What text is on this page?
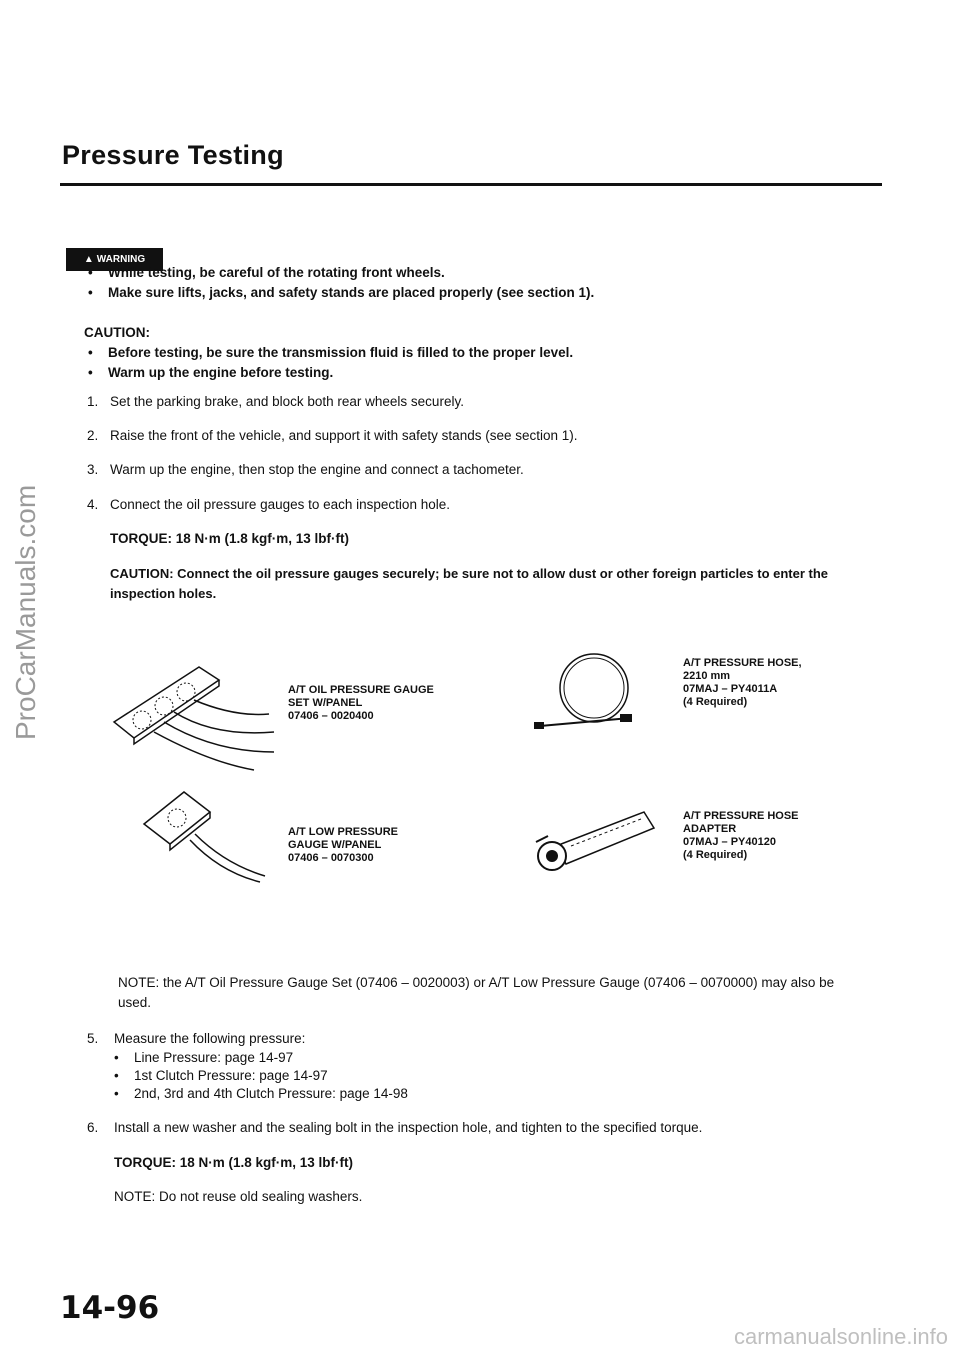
Pressure Testing
▲ WARNING
• While testing, be careful of the rotating front wheels.
• Make sure lifts, jacks, and safety stands are placed properly (see section 1).
CAUTION:
• Before testing, be sure the transmission fluid is filled to the proper level.
• Warm up the engine before testing.
1. Set the parking brake, and block both rear wheels securely.
2. Raise the front of the vehicle, and support it with safety stands (see section 1).
3. Warm up the engine, then stop the engine and connect a tachometer.
4. Connect the oil pressure gauges to each inspection hole.
TORQUE: 18 N·m (1.8 kgf·m, 13 lbf·ft)
CAUTION: Connect the oil pressure gauges securely; be sure not to allow dust or other foreign particles to enter the
inspection holes.
A/T OIL PRESSURE GAUGE
SET W/PANEL
07406 – 0020400
A/T PRESSURE HOSE,
2210 mm
07MAJ – PY4011A
(4 Required)
A/T LOW PRESSURE
GAUGE W/PANEL
07406 – 0070300
A/T PRESSURE HOSE
ADAPTER
07MAJ – PY40120
(4 Required)
NOTE: the A/T Oil Pressure Gauge Set (07406 – 0020003) or A/T Low Pressure Gauge (07406 – 0070000) may also be
used.
5. Measure the following pressure:
• Line Pressure: page 14-97
• 1st Clutch Pressure: page 14-97
• 2nd, 3rd and 4th Clutch Pressure: page 14-98
6. Install a new washer and the sealing bolt in the inspection hole, and tighten to the specified torque.
TORQUE: 18 N·m (1.8 kgf·m, 13 lbf·ft)
NOTE: Do not reuse old sealing washers.
14-96
ProCarManuals.com
carmanualsonline.info
